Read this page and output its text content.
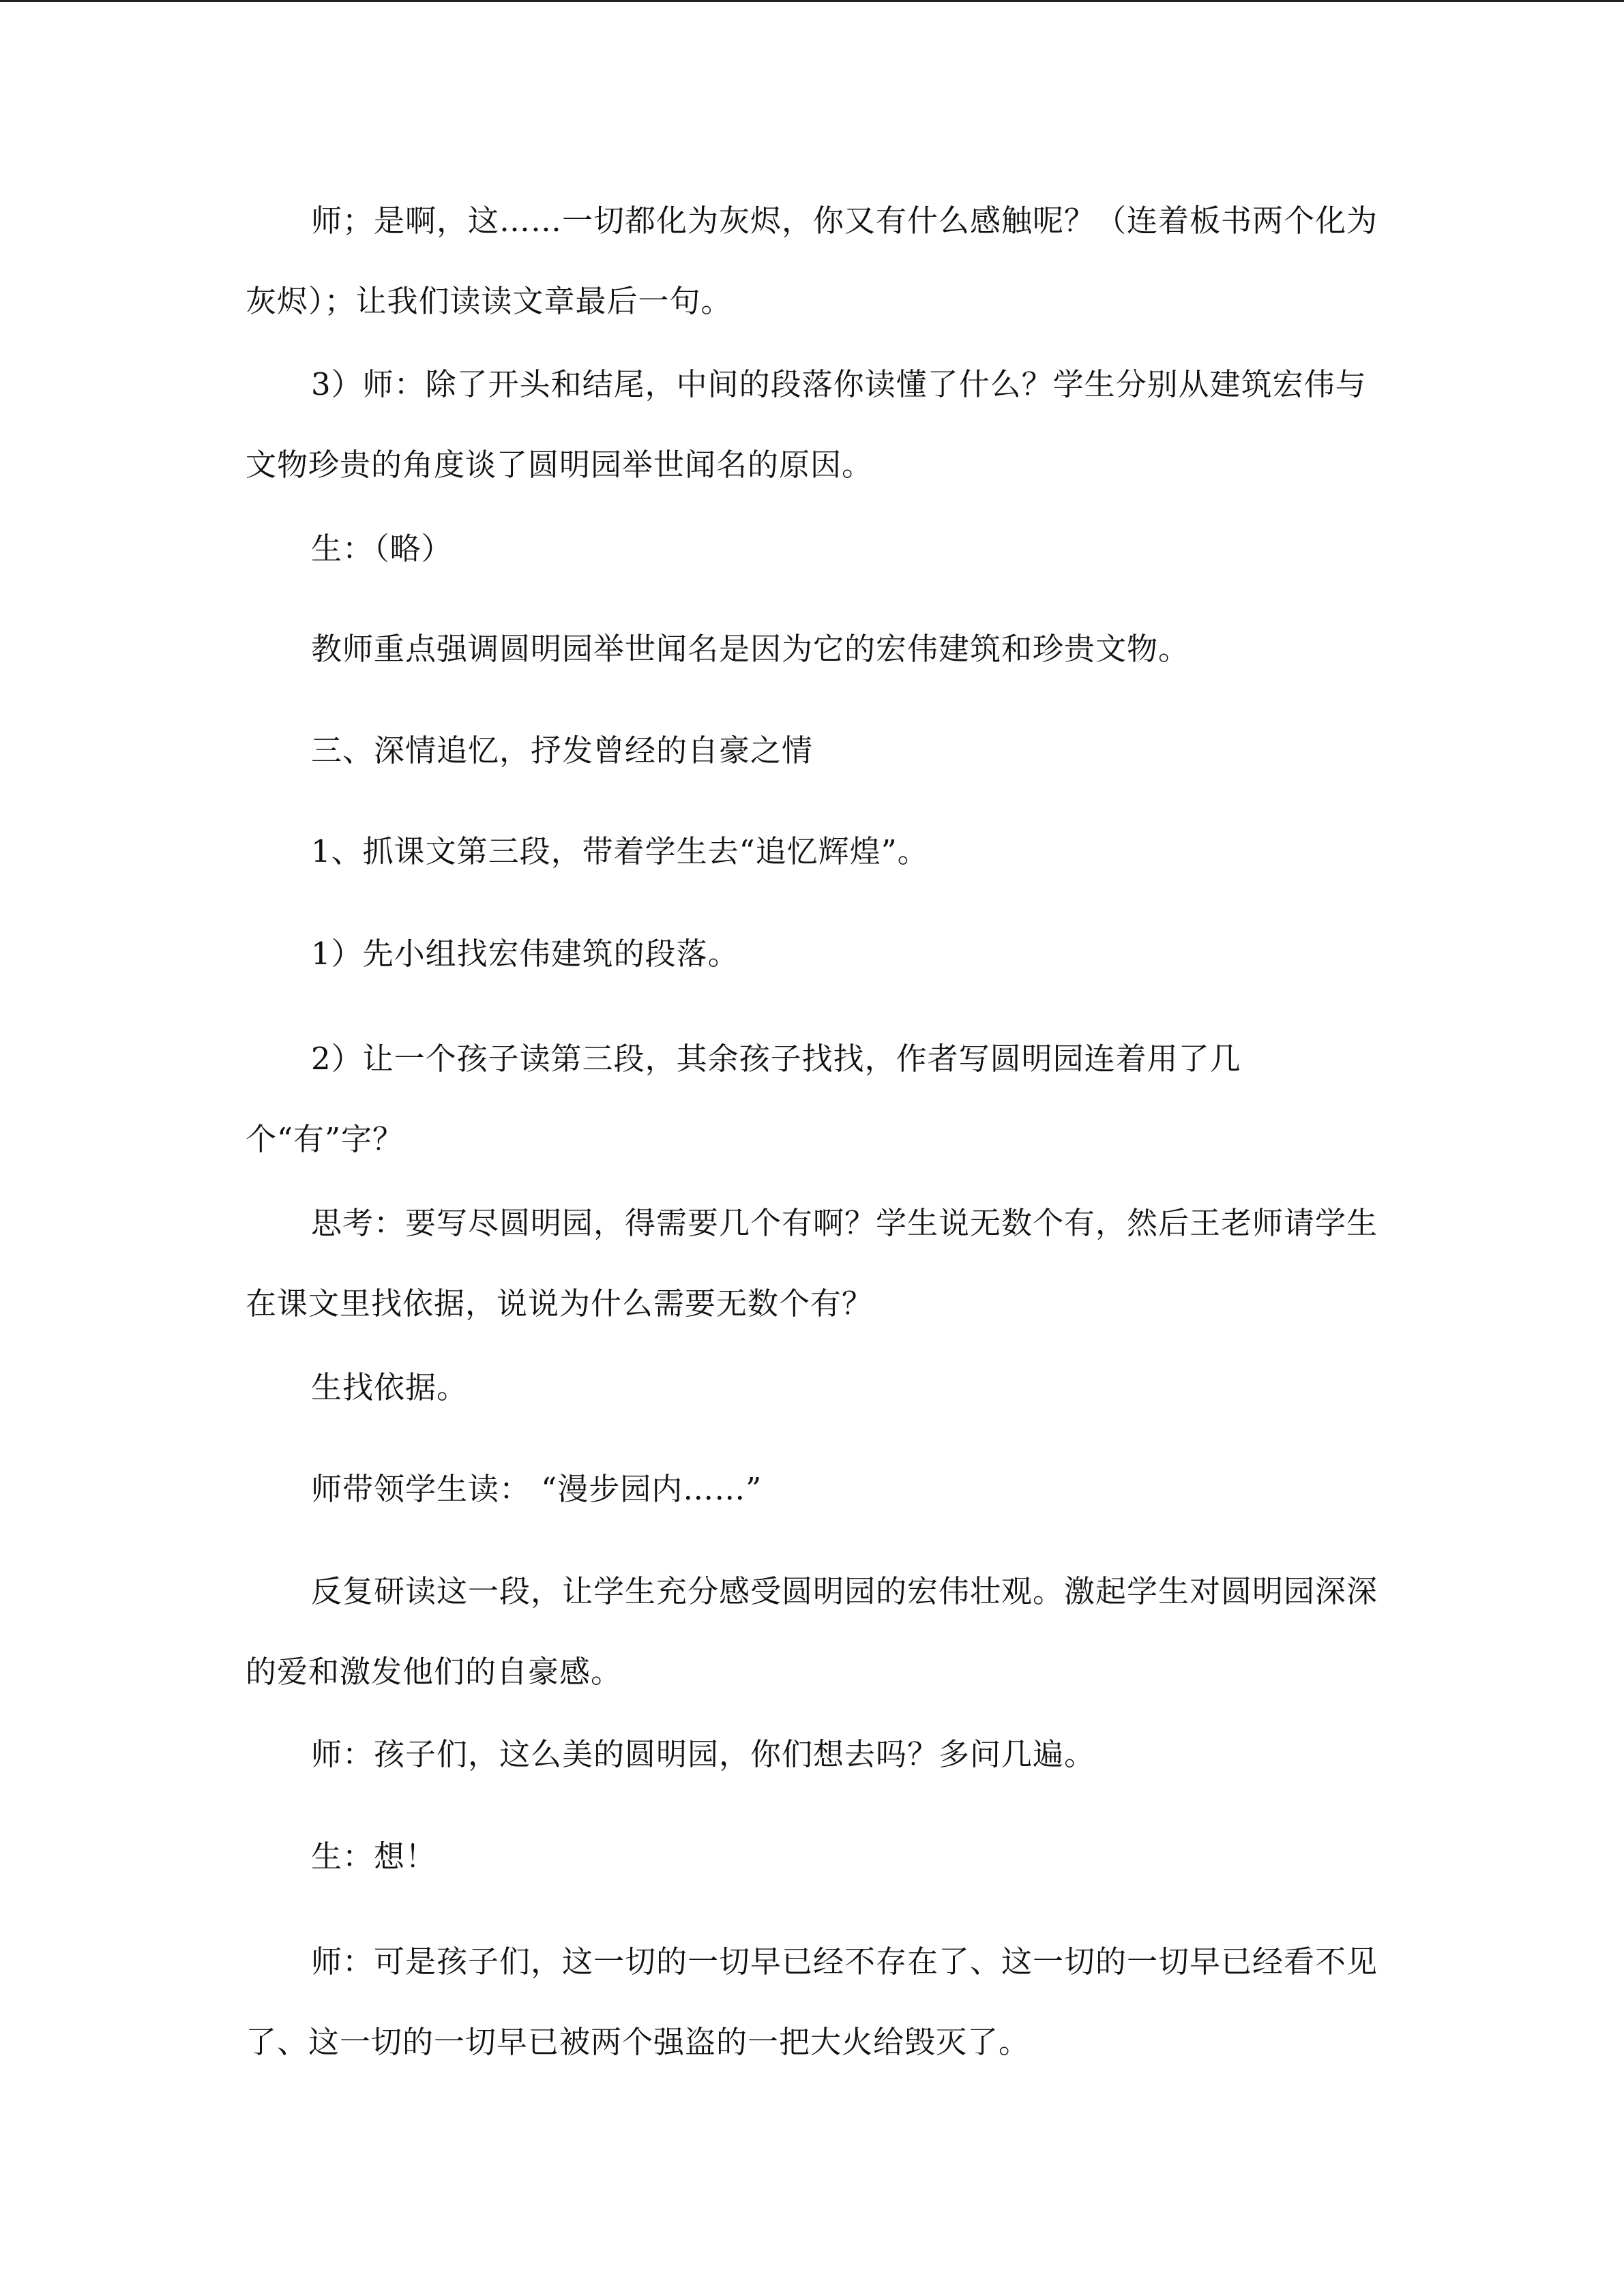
师；是啊，这……一切都化为灰烬，你又有什么感触呢？（连着板书两个化为灰烬）；让我们读读文章最后一句。

3）师：除了开头和结尾，中间的段落你读懂了什么？学生分别从建筑宏伟与文物珍贵的角度谈了圆明园举世闻名的原因。

生：（略）

教师重点强调圆明园举世闻名是因为它的宏伟建筑和珍贵文物。

三、深情追忆，抒发曾经的自豪之情

1、抓课文第三段，带着学生去“追忆辉煌”。

1）先小组找宏伟建筑的段落。

2）让一个孩子读第三段，其余孩子找找，作者写圆明园连着用了几个“有”字？

思考：要写尽圆明园，得需要几个有啊？学生说无数个有，然后王老师请学生在课文里找依据，说说为什么需要无数个有？

生找依据。

师带领学生读： “漫步园内……”

反复研读这一段，让学生充分感受圆明园的宏伟壮观。激起学生对圆明园深深的爱和激发他们的自豪感。

师：孩子们，这么美的圆明园，你们想去吗？多问几遍。

生：想！

师：可是孩子们，这一切的一切早已经不存在了、这一切的一切早已经看不见了、这一切的一切早已被两个强盗的一把大火给毁灭了。
